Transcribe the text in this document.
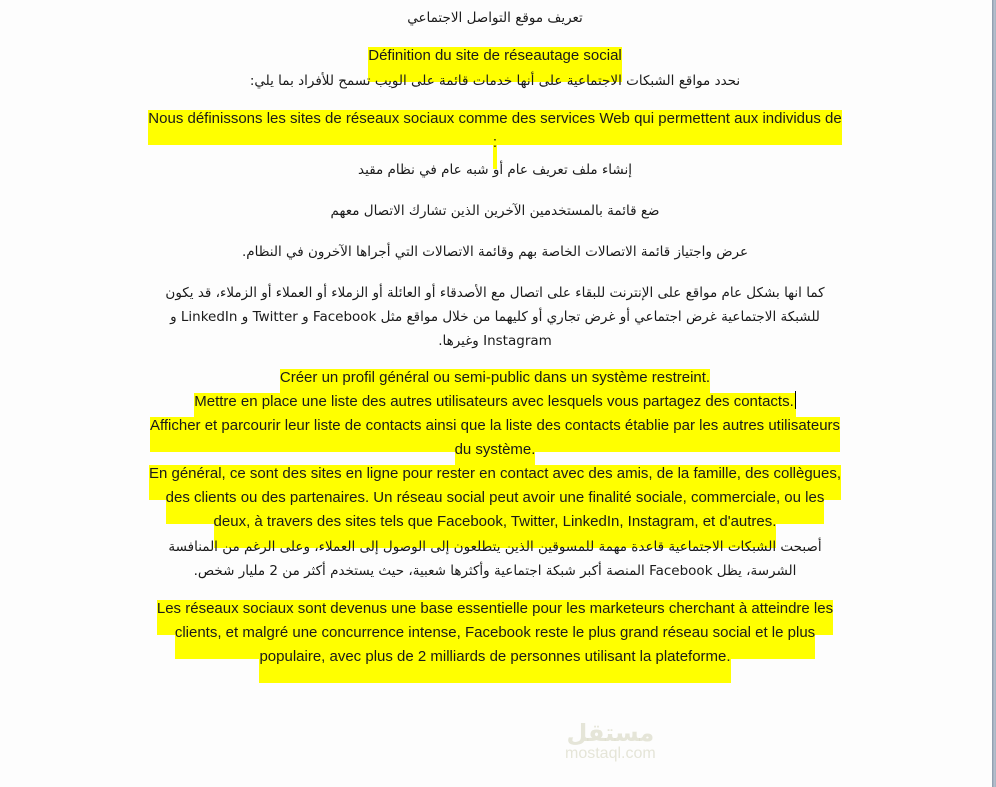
تعريف موقع التواصل الاجتماعي

Définition du site de réseautage social

نحدد مواقع الشبكات الاجتماعية على أنها خدمات قائمة على الويب تسمح للأفراد بما يلي:

Nous définissons les sites de réseaux sociaux comme des services Web qui permettent aux individus de :

إنشاء ملف تعريف عام أو شبه عام في نظام مقيد

ضع قائمة بالمستخدمين الآخرين الذين تشارك الاتصال معهم

عرض واجتياز قائمة الاتصالات الخاصة بهم وقائمة الاتصالات التي أجراها الآخرون في النظام.

كما انها بشكل عام مواقع على الإنترنت للبقاء على اتصال مع الأصدقاء أو العائلة أو الزملاء أو العملاء أو الزملاء، قد يكون للشبكة الاجتماعية غرض اجتماعي أو غرض تجاري أو كليهما من خلال مواقع مثل Facebook و Twitter و LinkedIn و Instagram وغيرها.

Créer un profil général ou semi-public dans un système restreint.

Mettre en place une liste des autres utilisateurs avec lesquels vous partagez des contacts.

Afficher et parcourir leur liste de contacts ainsi que la liste des contacts établie par les autres utilisateurs du système.

En général, ce sont des sites en ligne pour rester en contact avec des amis, de la famille, des collègues, des clients ou des partenaires. Un réseau social peut avoir une finalité sociale, commerciale, ou les deux, à travers des sites tels que Facebook, Twitter, LinkedIn, Instagram, et d'autres.

أصبحت الشبكات الاجتماعية قاعدة مهمة للمسوقين الذين يتطلعون إلى الوصول إلى العملاء، وعلى الرغم من المنافسة الشرسة، يظل Facebook المنصة أكبر شبكة اجتماعية وأكثرها شعبية، حيث يستخدم أكثر من 2 مليار شخص.

Les réseaux sociaux sont devenus une base essentielle pour les marketeurs cherchant à atteindre les clients, et malgré une concurrence intense, Facebook reste le plus grand réseau social et le plus populaire, avec plus de 2 milliards de personnes utilisant la plateforme.

مستقل
mostaql.com
